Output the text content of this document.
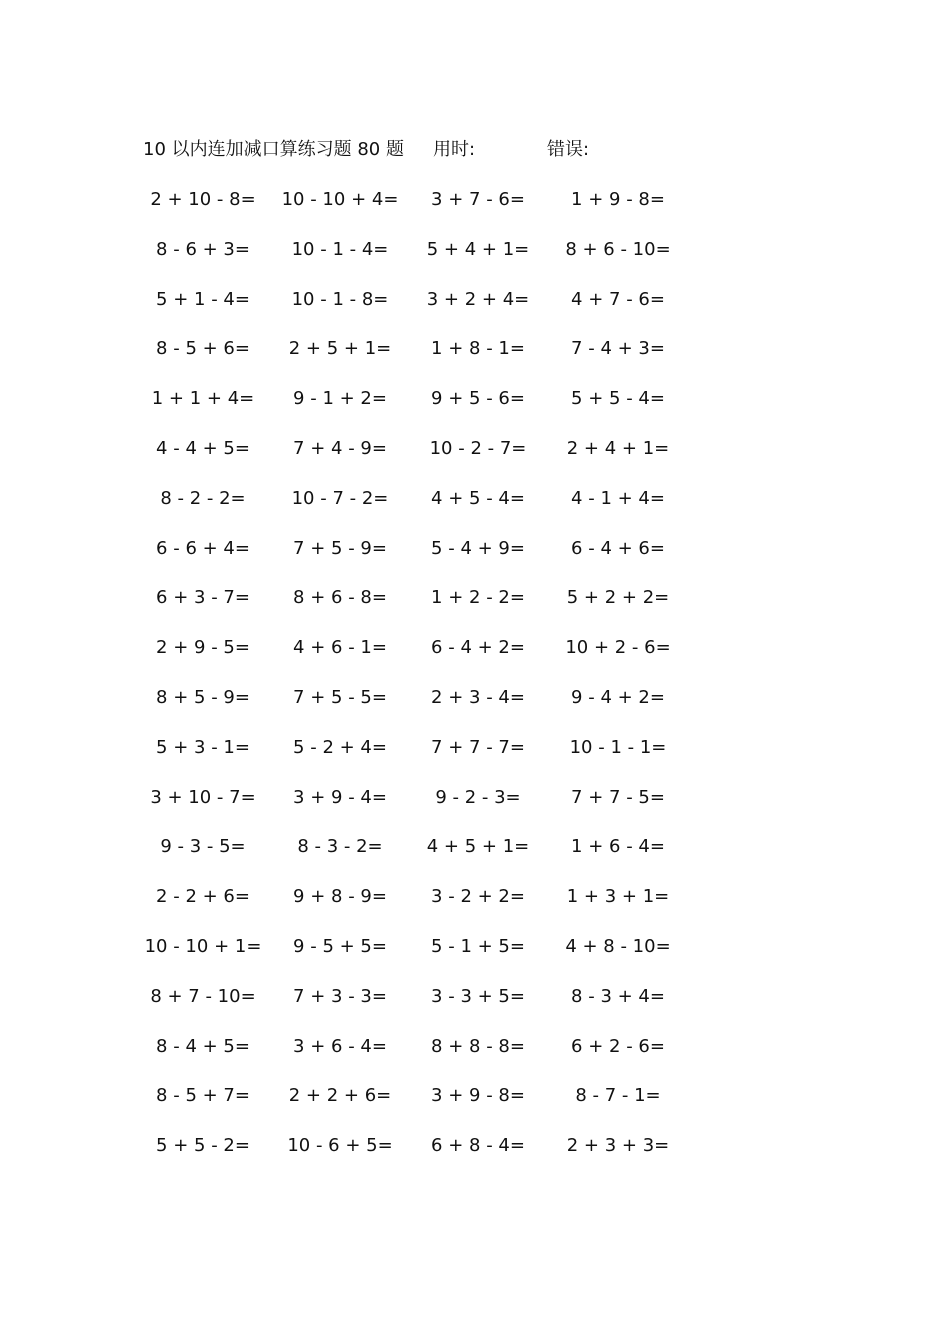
10 以内连加减口算练习题 80 题 用时:	错误:
2 + 10 - 8= 10 - 10 + 4= 3 + 7 - 6=	1 + 9 - 8=
8 - 6 + 3= 10 - 1 - 4= 5 + 4 + 1= 8 + 6 - 10=
5 + 1 - 4= 10 - 1 - 8= 3 + 2 + 4= 4 + 7 - 6=
8 - 5 + 6= 2 + 5 + 1= 1 + 8 - 1=	7 - 4 + 3=
1 + 1 + 4= 9 - 1 + 2= 9 + 5 - 6=	5 + 5 - 4=
4 - 4 + 5= 7 + 4 - 9= 10 - 2 - 7= 2 + 4 + 1=
8 - 2 - 2=	10 - 7 - 2= 4 + 5 - 4=	4 - 1 + 4=
6 - 6 + 4= 7 + 5 - 9= 5 - 4 + 9=	6 - 4 + 6=
6 + 3 - 7= 8 + 6 - 8= 1 + 2 - 2= 5 + 2 + 2=
2 + 9 - 5= 4 + 6 - 1= 6 - 4 + 2= 10 + 2 - 6=
8 + 5 - 9= 7 + 5 - 5= 2 + 3 - 4=	9 - 4 + 2=
5 + 3 - 1= 5 - 2 + 4= 7 + 7 - 7= 10 - 1 - 1=
3 + 10 - 7= 3 + 9 - 4=	9 - 2 - 3=	7 + 7 - 5=
9 - 3 - 5=	8 - 3 - 2= 4 + 5 + 1= 1 + 6 - 4=
2 - 2 + 6= 9 + 8 - 9= 3 - 2 + 2= 1 + 3 + 1=
10 - 10 + 1= 9 - 5 + 5= 5 - 1 + 5= 4 + 8 - 10=
8 + 7 - 10= 7 + 3 - 3= 3 - 3 + 5=	8 - 3 + 4=
8 - 4 + 5= 3 + 6 - 4= 8 + 8 - 8=	6 + 2 - 6=
8 - 5 + 7= 2 + 2 + 6= 3 + 9 - 8=	8 - 7 - 1=
5 + 5 - 2= 10 - 6 + 5= 6 + 8 - 4= 2 + 3 + 3=
